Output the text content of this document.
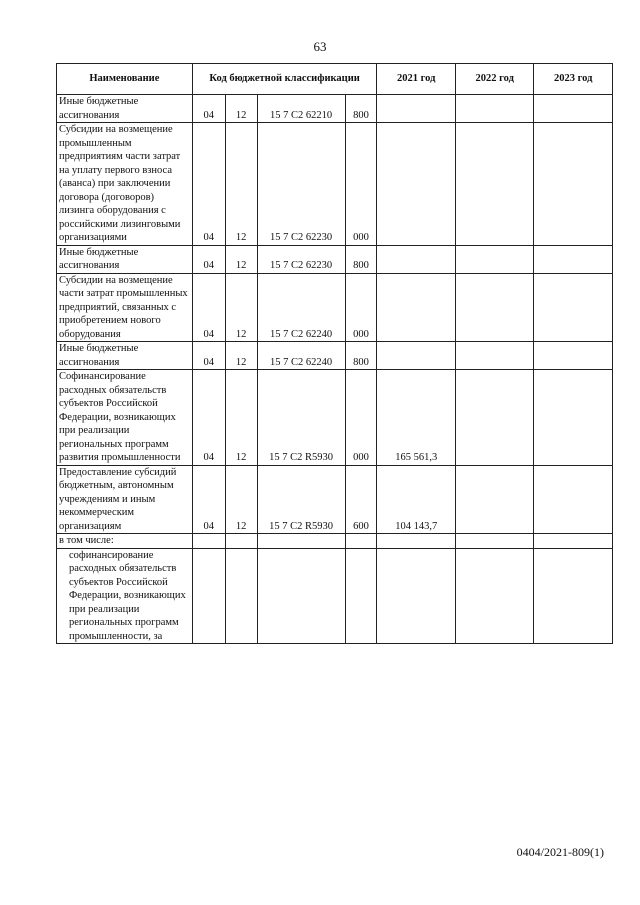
63
Наименование	Код бюджетной классификации				2021 год	2022 год	2023 год
Иные бюджетные ассигнования	04	12	15 7 С2 62210	800			
Субсидии на возмещение промышленным предприятиям части затрат на уплату первого взноса (аванса) при заключении договора (договоров) лизинга оборудования с российскими лизинговыми организациями	04	12	15 7 С2 62230	000			
Иные бюджетные ассигнования	04	12	15 7 С2 62230	800			
Субсидии на возмещение части затрат промышленных предприятий, связанных с приобретением нового оборудования	04	12	15 7 С2 62240	000			
Иные бюджетные ассигнования	04	12	15 7 С2 62240	800			
Софинансирование расходных обязательств субъектов Российской Федерации, возникающих при реализации региональных программ развития промышленности	04	12	15 7 С2 R5930	000	165 561,3		
Предоставление субсидий бюджетным, автономным учреждениям и иным некоммерческим организациям	04	12	15 7 С2 R5930	600	104 143,7		
в том числе:							
софинансирование расходных обязательств субъектов Российской Федерации, возникающих при реализации региональных программ промышленности, за							
0404/2021-809(1)
